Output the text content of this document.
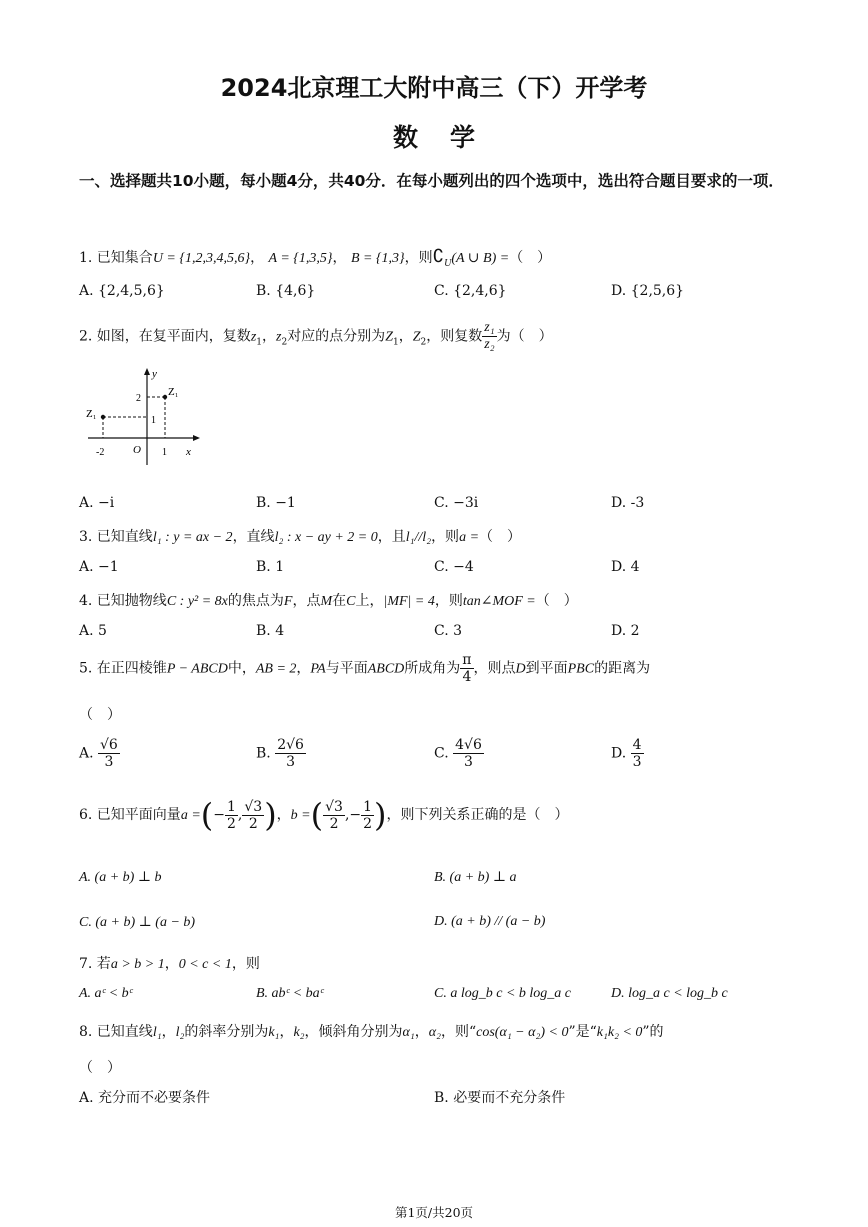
2024北京理工大附中高三（下）开学考
数学
一、选择题共10小题，每小题4分，共40分．在每小题列出的四个选项中，选出符合题目要求的一项．
1. 已知集合U = {1,2,3,4,5,6}， A = {1,3,5}， B = {1,3}，则$∁_U(A$ ∪ B) =（　）
A. {2,4,5,6}	B. {4,6}	C. {2,4,6}	D. {2,5,6}
2. 如图，在复平面内，复数$z_1$，$z_2$对应的点分别为$Z_1$，$Z_2$，则复数 $\frac{\text{z₁}}{\text{z₂}}$ 为（　）
y
x
O
Z₁
Z₁
2
1
-2	1
A. −i	B. −1	C. −3i	D. -3
3. 已知直线l₁ : y = ax − 2，直线l₂ : x − ay + 2 = 0，且l₁//l₂，则a =（　）
A. −1	B. 1	C. −4	D. 4
4. 已知抛物线C : y² = 8x的焦点为F，点M在C上，|MF| = 4，则tan∠MOF =（　）
A. 5	B. 4	C. 3	D. 2
5. 在正四棱锥P − ABCD中，AB = 2，PA与平面ABCD所成角为 $\frac{\pi}{4}$ ，则点D到平面PBC的距离为
（　）
A. $\frac{√6}{3}$	B. $\frac{2√6}{3}$	C. $\frac{4√6}{3}$	D. $\frac{4}{3}$
6. 已知平面向量a =(− $\frac{1}{2}$ , $\frac{√3}{2}$ )，b =( $\frac{√3}{2}$ ,− $\frac{1}{2}$ )，则下列关系正确的是（　）
A. (a + b) ⊥ b	B. (a + b) ⊥ a
C. (a + b) ⊥ (a − b)	D. (a + b) // (a − b)
7. 若a > b > 1，0 < c < 1，则
A. aᶜ < bᶜ	B. abᶜ < baᶜ	C. a log_b c < b log_a c	D. log_a c < log_b c
8. 已知直线l₁，l₂的斜率分别为k₁，k₂，倾斜角分别为α₁，α₂，则“cos(α₁ − α₂) < 0”是“k₁k₂ < 0”的
（　）
A. 充分而不必要条件	B. 必要而不充分条件
第1页/共20页
